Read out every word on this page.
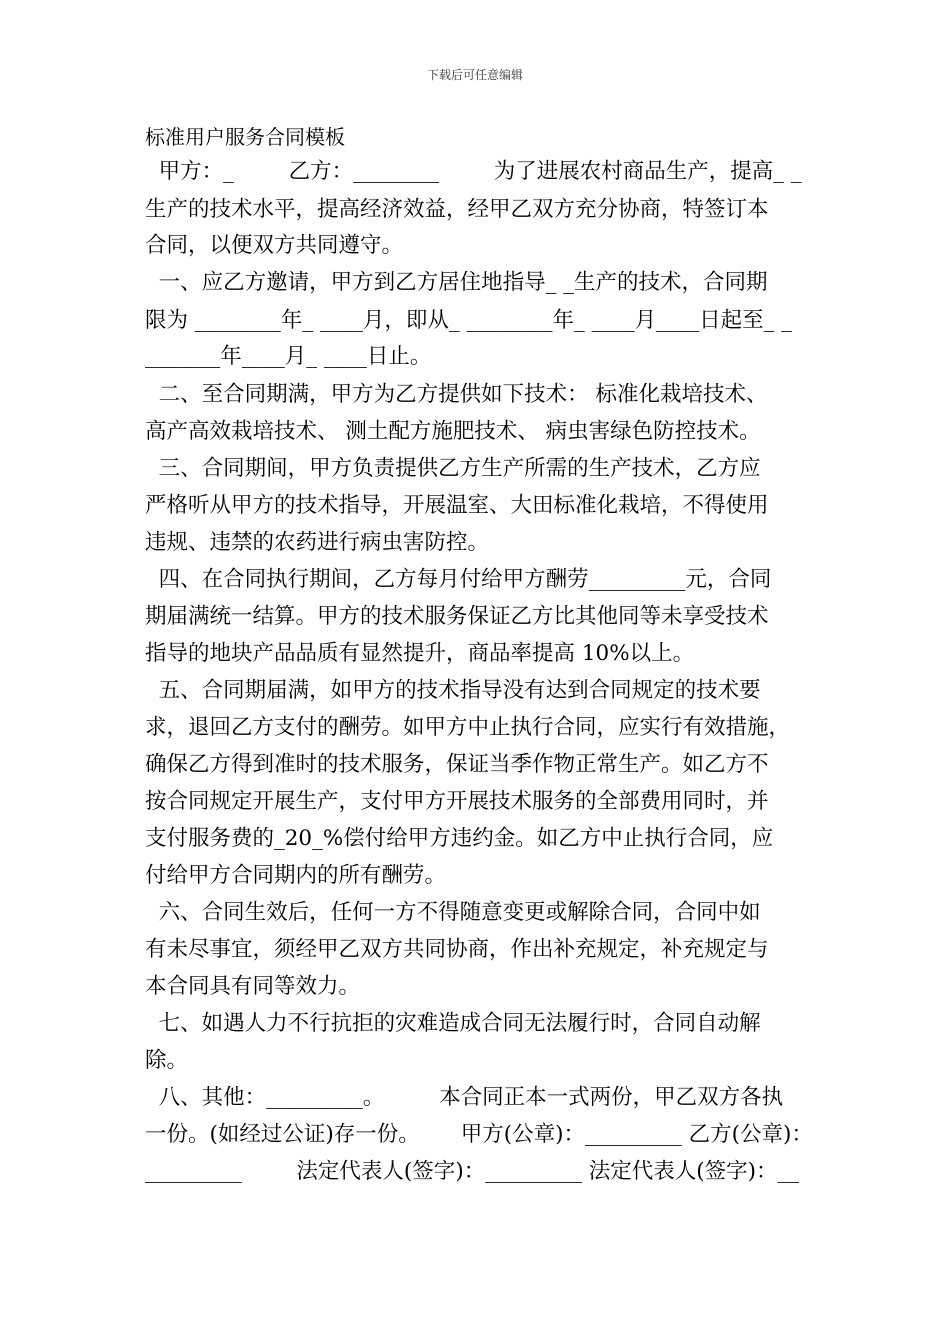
下载后可任意编辑
标准用户服务合同模板
甲方：_        乙方：________        为了进展农村商品生产，提高_ _
生产的技术水平，提高经济效益，经甲乙双方充分协商，特签订本
合同，以便双方共同遵守。
一、应乙方邀请，甲方到乙方居住地指导_ _生产的技术，合同期
限为 ________年_ ____月，即从_ ________年_ ____月____日起至_ _
_______年____月_ ____日止。
二、至合同期满，甲方为乙方提供如下技术： 标准化栽培技术、
高产高效栽培技术、 测土配方施肥技术、 病虫害绿色防控技术。
三、合同期间，甲方负责提供乙方生产所需的生产技术，乙方应
严格听从甲方的技术指导，开展温室、大田标准化栽培，不得使用
违规、违禁的农药进行病虫害防控。
四、在合同执行期间，乙方每月付给甲方酬劳_________元，合同
期届满统一结算。甲方的技术服务保证乙方比其他同等未享受技术
指导的地块产品品质有显然提升，商品率提高 10%以上。
五、合同期届满，如甲方的技术指导没有达到合同规定的技术要
求，退回乙方支付的酬劳。如甲方中止执行合同，应实行有效措施，
确保乙方得到准时的技术服务，保证当季作物正常生产。如乙方不
按合同规定开展生产，支付甲方开展技术服务的全部费用同时，并
支付服务费的_20_%偿付给甲方违约金。如乙方中止执行合同，应
付给甲方合同期内的所有酬劳。
六、合同生效后，任何一方不得随意变更或解除合同，合同中如
有未尽事宜，须经甲乙双方共同协商，作出补充规定，补充规定与
本合同具有同等效力。
七、如遇人力不行抗拒的灾难造成合同无法履行时，合同自动解
除。
八、其他：_________。        本合同正本一式两份，甲乙双方各执
一份。(如经过公证)存一份。      甲方(公章)：_________ 乙方(公章)：
_________        法定代表人(签字)：_________ 法定代表人(签字)：__
